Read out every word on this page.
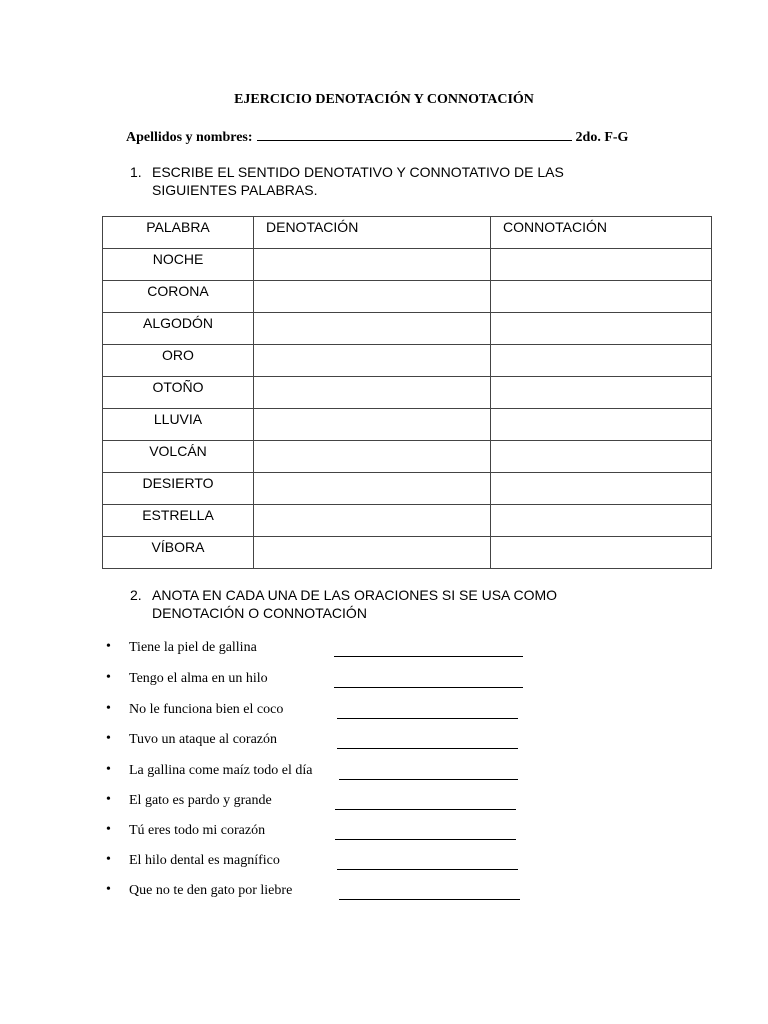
EJERCICIO DENOTACIÓN Y CONNOTACIÓN
Apellidos y nombres:	2do. F-G
1. ESCRIBE EL SENTIDO DENOTATIVO Y CONNOTATIVO DE LAS SIGUIENTES PALABRAS.
PALABRA	DENOTACIÓN	CONNOTACIÓN
NOCHE		
CORONA		
ALGODÓN		
ORO		
OTOÑO		
LLUVIA		
VOLCÁN		
DESIERTO		
ESTRELLA		
VÍBORA		
2. ANOTA EN CADA UNA DE LAS ORACIONES SI SE USA COMO DENOTACIÓN O CONNOTACIÓN
• Tiene la piel de gallina
• Tengo el alma en un hilo
• No le funciona bien el coco
• Tuvo un ataque al corazón
• La gallina come maíz todo el día
• El gato es pardo y grande
• Tú eres todo mi corazón
• El hilo dental es magnífico
• Que no te den gato por liebre
